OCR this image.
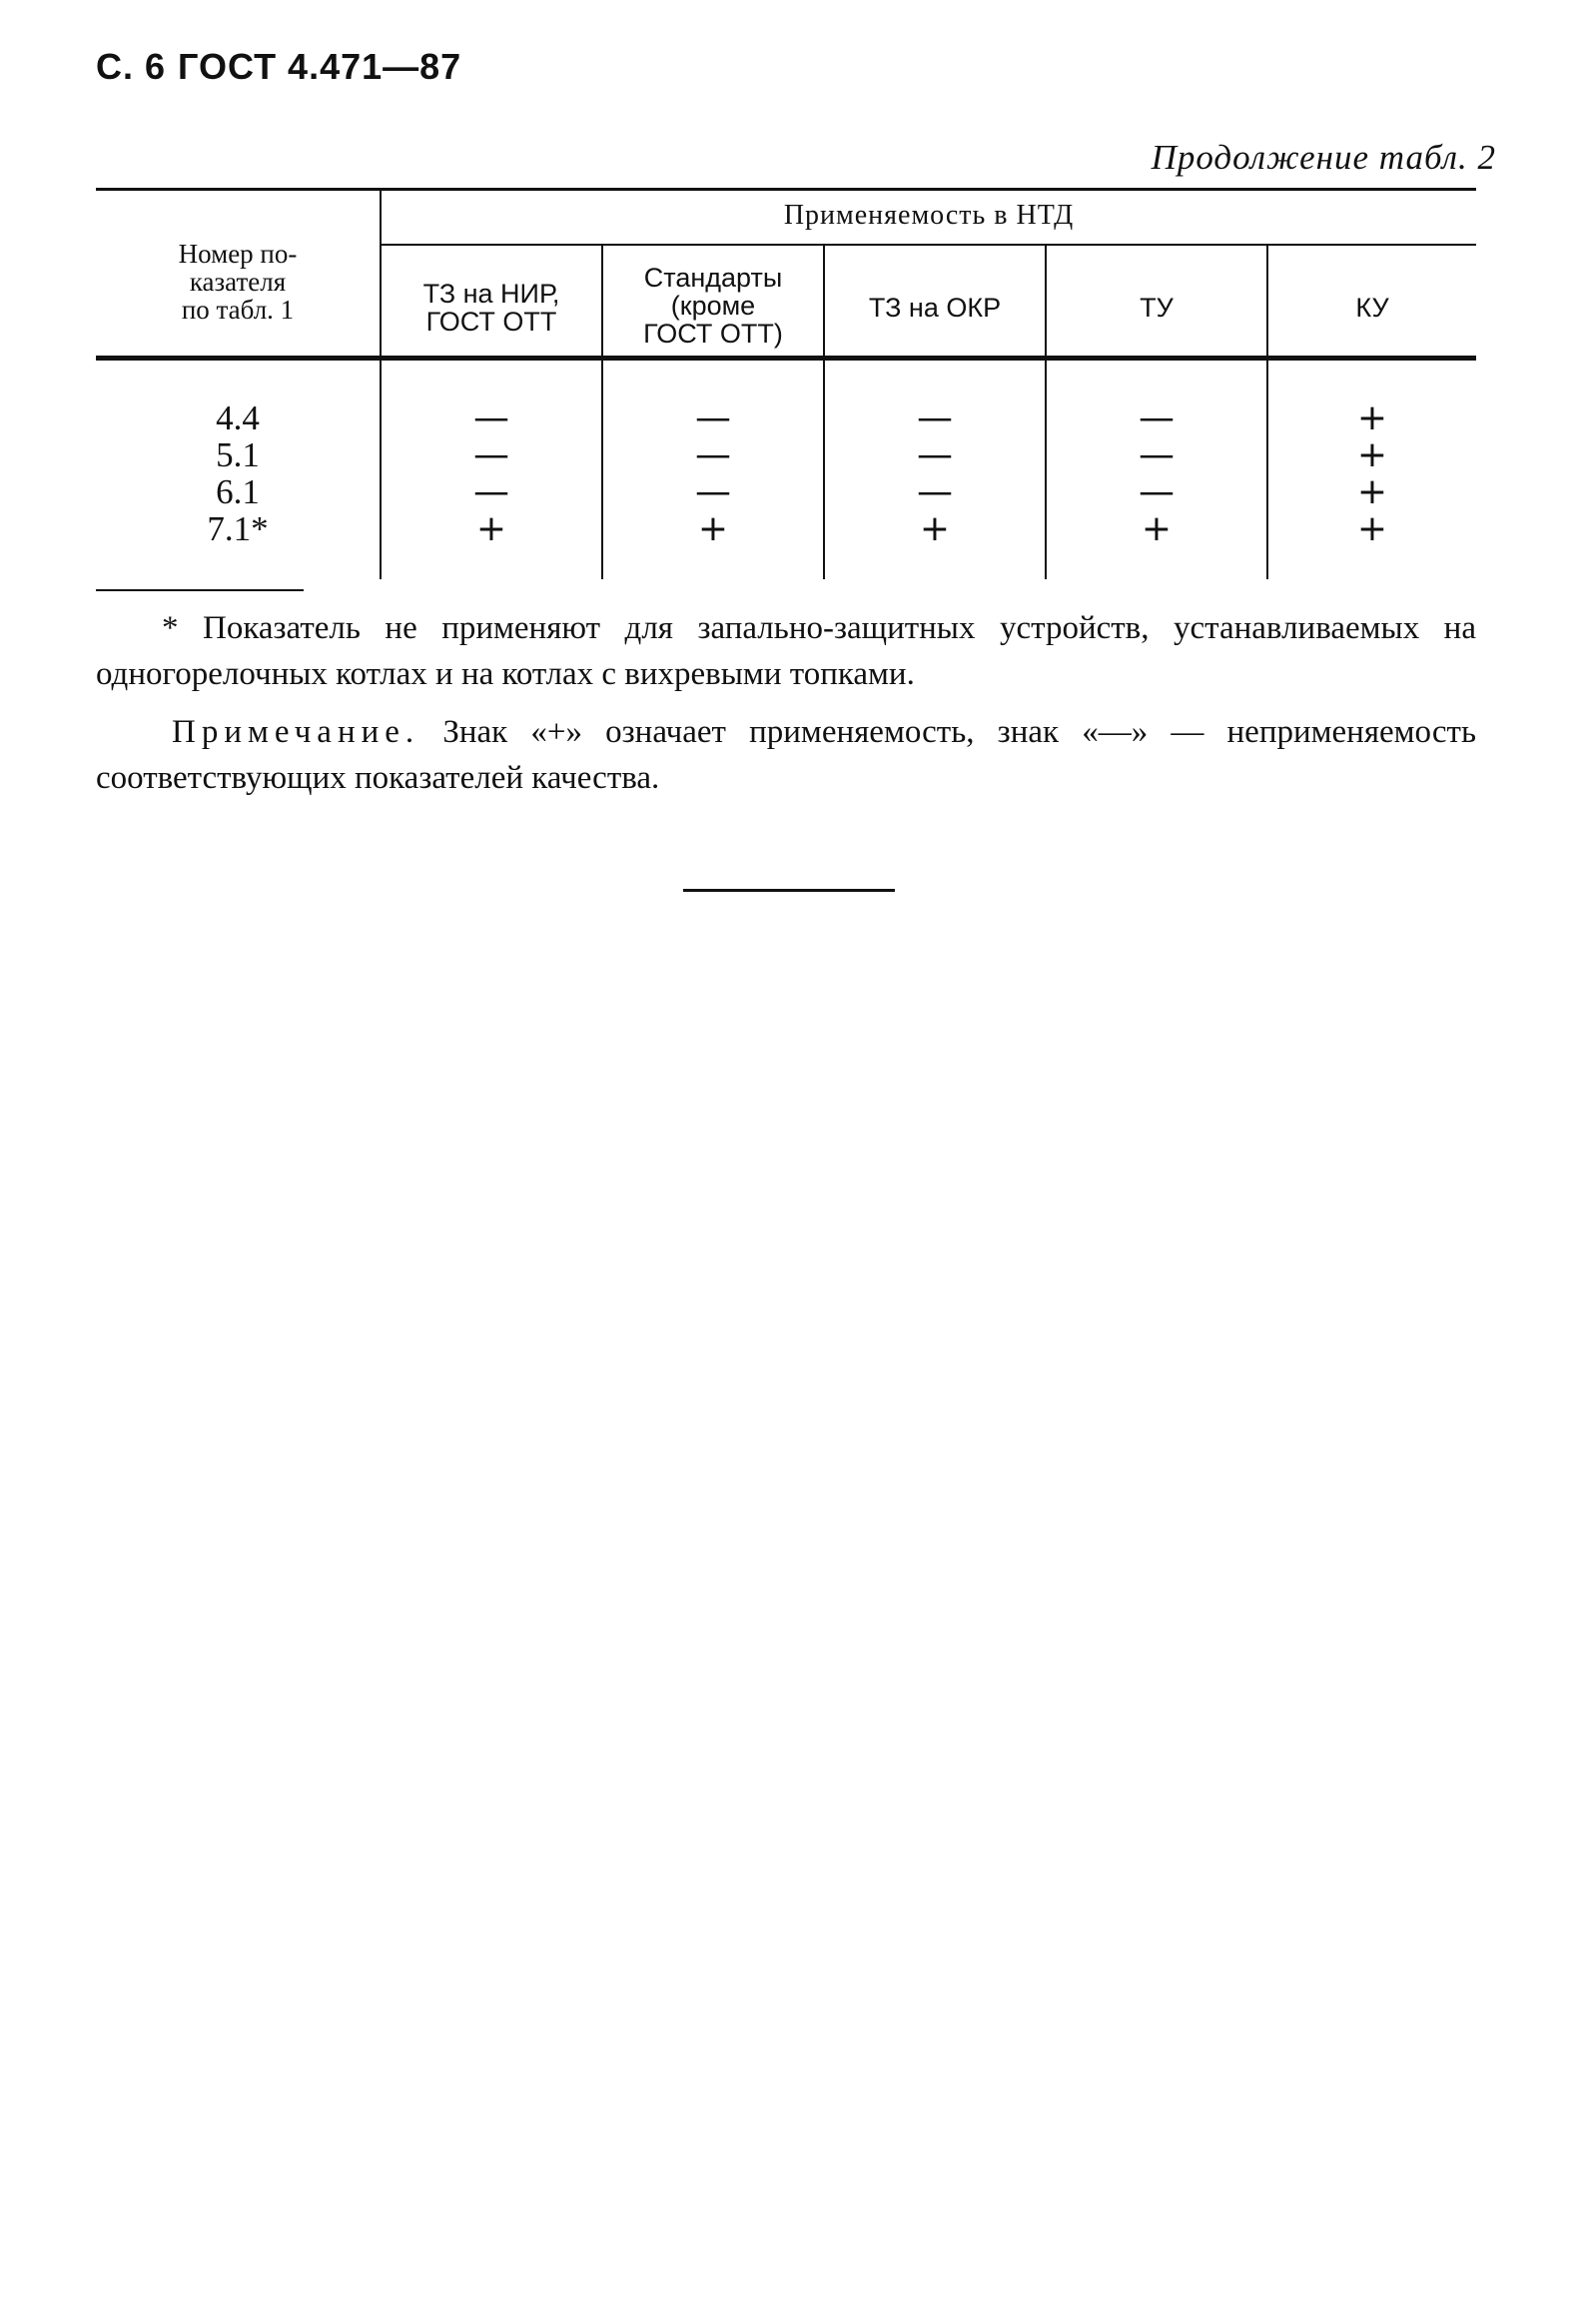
С. 6 ГОСТ 4.471—87
Продолжение табл. 2
Номер по-
казателя
по табл. 1
Применяемость в НТД
ТЗ на НИР,
ГОСТ ОТТ
Стандарты
(кроме
ГОСТ ОТТ)
ТЗ на ОКР	ТУ	КУ
4.4
5.1
6.1
7.1*
—
—
—
+
—
—
—
+
—
—
—
+
—
—
—
+
+
+
+
+
* Показатель не применяют для запально-защитных устройств, устанавливаемых на одногорелочных котлах и на котлах с вихревыми топками.
Примечание. Знак «+» означает применяемость, знак «—» — неприменяемость соответствующих показателей качества.
